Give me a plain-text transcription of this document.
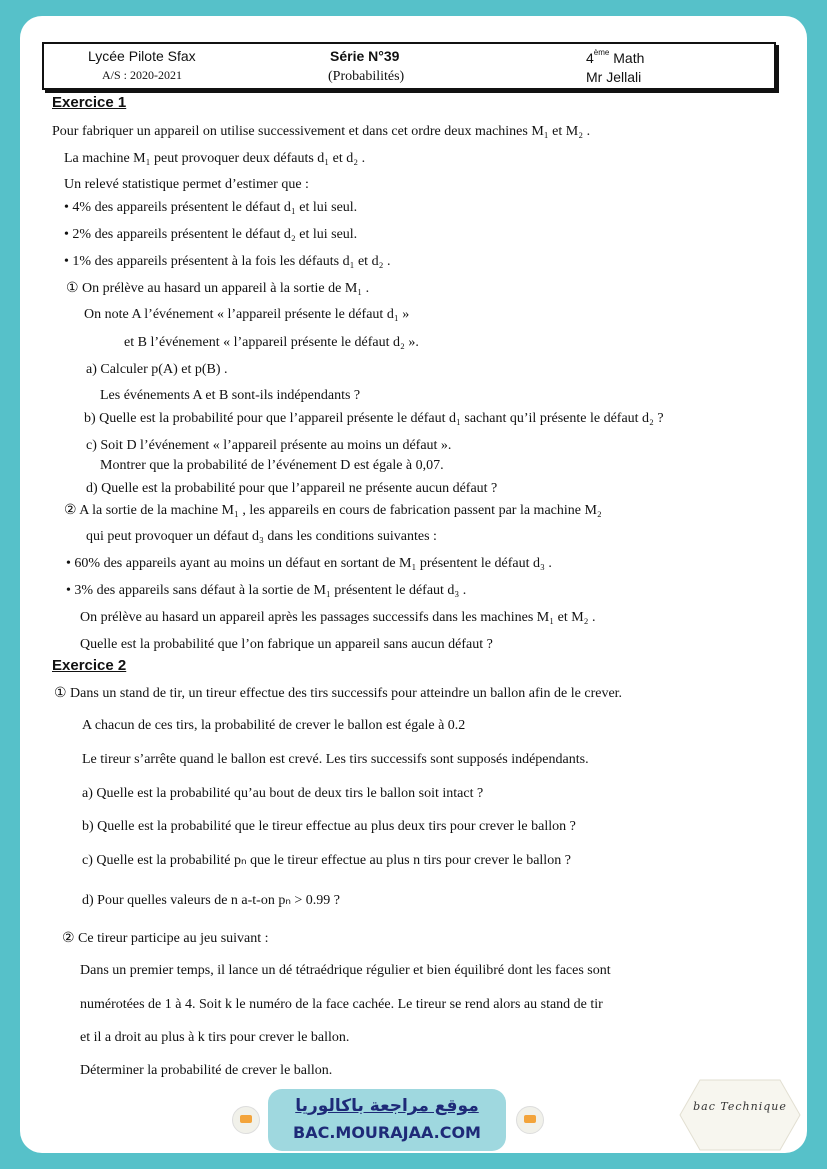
Lycée Pilote Sfax
A/S : 2020-2021
Série N°39
(Probabilités)
4ème Math
Mr Jellali
Exercice 1
Pour fabriquer un appareil on utilise successivement et dans cet ordre deux machines M₁ et M₂ .
La machine M₁ peut provoquer deux défauts d₁ et d₂ .
Un relevé statistique permet d’estimer que :
• 4% des appareils présentent le défaut d₁ et lui seul.
• 2% des appareils présentent le défaut d₂ et lui seul.
• 1% des appareils présentent à la fois les défauts d₁ et d₂ .
① On prélève au hasard un appareil à la sortie de M₁ .
On note A l’événement « l’appareil présente le défaut d₁ »
et B l’événement « l’appareil présente le défaut d₂ ».
a) Calculer p(A) et p(B) .
Les événements A et B sont-ils indépendants ?
b) Quelle est la probabilité pour que l’appareil présente le défaut d₁ sachant qu’il présente le défaut d₂ ?
c) Soit D l’événement « l’appareil présente au moins un défaut ».
Montrer que la probabilité de l’événement D est égale à 0,07.
d) Quelle est la probabilité pour que l’appareil ne présente aucun défaut ?
② A la sortie de la machine M₁ , les appareils en cours de fabrication passent par la machine M₂
qui peut provoquer un défaut d₃ dans les conditions suivantes :
• 60% des appareils ayant au moins un défaut en sortant de M₁ présentent le défaut d₃ .
• 3% des appareils sans défaut à la sortie de M₁ présentent le défaut d₃ .
On prélève au hasard un appareil après les passages successifs dans les machines M₁ et M₂ .
Quelle est la probabilité que l’on fabrique un appareil sans aucun défaut ?
Exercice 2
① Dans un stand de tir, un tireur effectue des tirs successifs pour atteindre un ballon afin de le crever.
A chacun de ces tirs, la probabilité de crever le ballon est égale à 0.2
Le tireur s’arrête quand le ballon est crevé. Les tirs successifs sont supposés indépendants.
a) Quelle est la probabilité qu’au bout de deux tirs le ballon soit intact ?
b) Quelle est la probabilité que le tireur effectue au plus deux tirs pour crever le ballon ?
c) Quelle est la probabilité pₙ que le tireur effectue au plus n tirs pour crever le ballon ?
d) Pour quelles valeurs de n a-t-on pₙ > 0.99 ?
② Ce tireur participe au jeu suivant :
Dans un premier temps, il lance un dé tétraédrique régulier et bien équilibré dont les faces sont
numérotées de 1 à 4. Soit k le numéro de la face cachée. Le tireur se rend alors au stand de tir
et il a droit au plus à k tirs pour crever le ballon.
Déterminer la probabilité de crever le ballon.
موقع مراجعة باكالوريا
BAC.MOURAJAA.COM
bac Technique
